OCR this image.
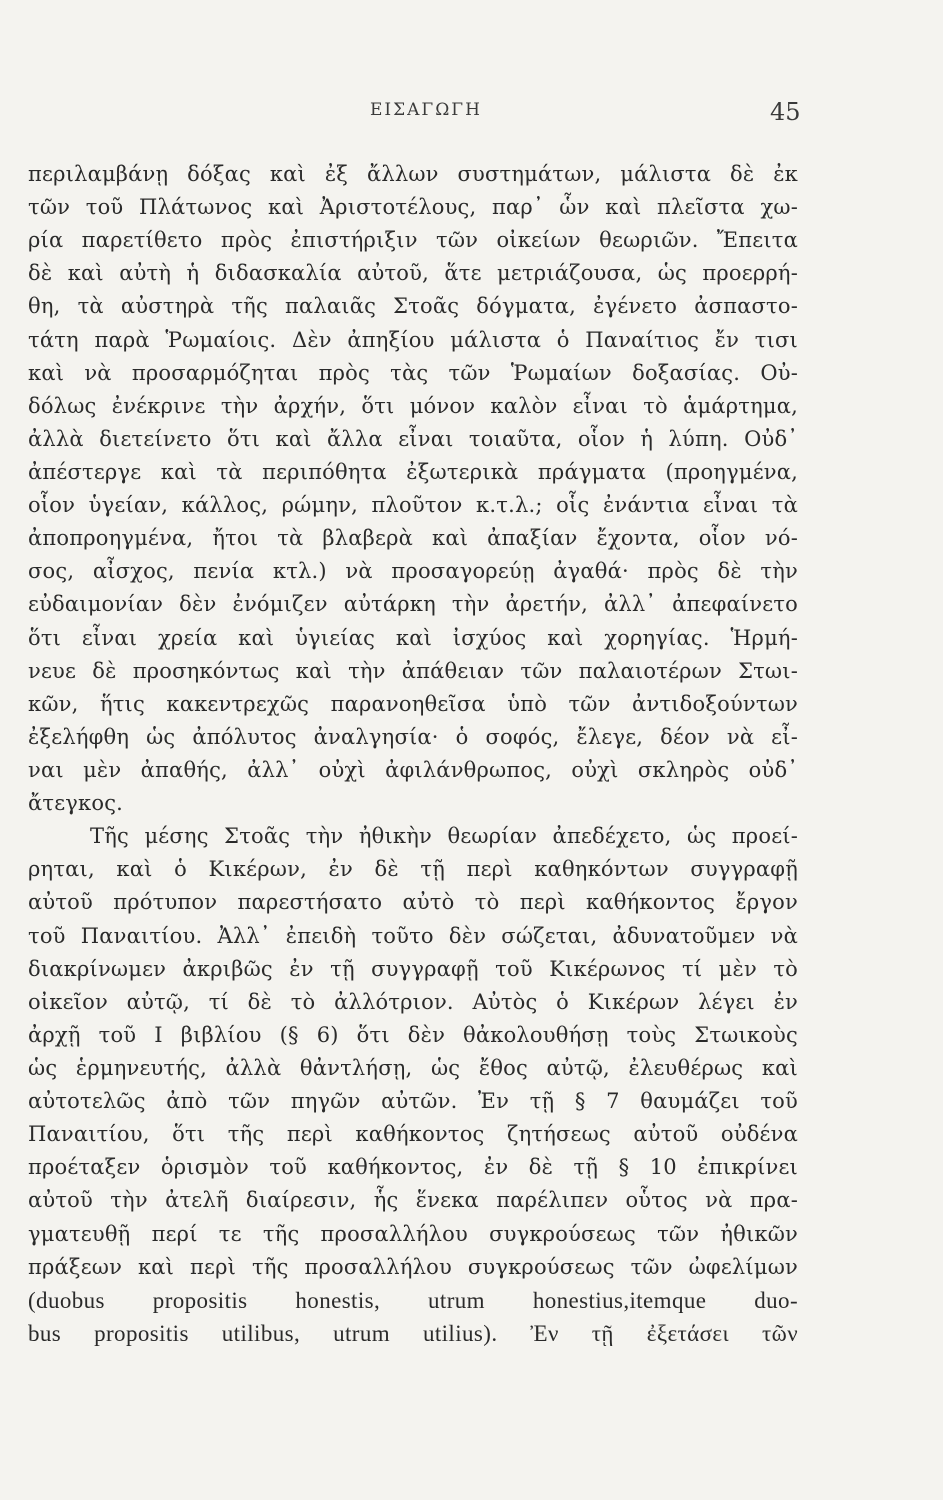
ΕΙΣΑΓΩΓΗ	45
περιλαμβάνῃ δόξας καὶ ἐξ ἄλλων συστημάτων, μάλιστα δὲ ἐκ
τῶν τοῦ Πλάτωνος καὶ Ἀριστοτέλους, παρ᾽ ὧν καὶ πλεῖστα χω-
ρία παρετίθετο πρὸς ἐπιστήριξιν τῶν οἰκείων θεωριῶν. Ἔπειτα
δὲ καὶ αὐτὴ ἡ διδασκαλία αὐτοῦ, ἅτε μετριάζουσα, ὡς προερρή-
θη, τὰ αὐστηρὰ τῆς παλαιᾶς Στοᾶς δόγματα, ἐγένετο ἀσπαστο-
τάτη παρὰ Ῥωμαίοις. Δὲν ἀπηξίου μάλιστα ὁ Παναίτιος ἔν τισι
καὶ νὰ προσαρμόζηται πρὸς τὰς τῶν Ῥωμαίων δοξασίας. Οὐ-
δόλως ἐνέκρινε τὴν ἀρχήν, ὅτι μόνον καλὸν εἶναι τὸ ἁμάρτημα,
ἀλλὰ διετείνετο ὅτι καὶ ἄλλα εἶναι τοιαῦτα, οἷον ἡ λύπη. Οὐδ᾽
ἀπέστεργε καὶ τὰ περιπόθητα ἐξωτερικὰ πράγματα (προηγμένα,
οἷον ὑγείαν, κάλλος, ρώμην, πλοῦτον κ.τ.λ.; οἷς ἐνάντια εἶναι τὰ
ἀποπροηγμένα, ἤτοι τὰ βλαβερὰ καὶ ἀπαξίαν ἔχοντα, οἷον νό-
σος, αἶσχος, πενία κτλ.) νὰ προσαγορεύῃ ἀγαθά· πρὸς δὲ τὴν
εὐδαιμονίαν δὲν ἐνόμιζεν αὐτάρκη τὴν ἀρετήν, ἀλλ᾽ ἀπεφαίνετο
ὅτι εἶναι χρεία καὶ ὑγιείας καὶ ἰσχύος καὶ χορηγίας. Ἡρμή-
νευε δὲ προσηκόντως καὶ τὴν ἀπάθειαν τῶν παλαιοτέρων Στωι-
κῶν, ἥτις κακεντρεχῶς παρανοηθεῖσα ὑπὸ τῶν ἀντιδοξούντων
ἐξελήφθη ὡς ἀπόλυτος ἀναλγησία· ὁ σοφός, ἔλεγε, δέον νὰ εἶ-
ναι μὲν ἀπαθής, ἀλλ᾽ οὐχὶ ἀφιλάνθρωπος, οὐχὶ σκληρὸς οὐδ᾽
ἄτεγκος.
Τῆς μέσης Στοᾶς τὴν ἠθικὴν θεωρίαν ἀπεδέχετο, ὡς προεί-
ρηται, καὶ ὁ Κικέρων, ἐν δὲ τῇ περὶ καθηκόντων συγγραφῇ
αὐτοῦ πρότυπον παρεστήσατο αὐτὸ τὸ περὶ καθήκοντος ἔργον
τοῦ Παναιτίου. Ἀλλ᾽ ἐπειδὴ τοῦτο δὲν σώζεται, ἀδυνατοῦμεν νὰ
διακρίνωμεν ἀκριβῶς ἐν τῇ συγγραφῇ τοῦ Κικέρωνος τί μὲν τὸ
οἰκεῖον αὐτῷ, τί δὲ τὸ ἀλλότριον. Αὐτὸς ὁ Κικέρων λέγει ἐν
ἀρχῇ τοῦ I βιβλίου (§ 6) ὅτι δὲν θἀκολουθήσῃ τοὺς Στωικοὺς
ὡς ἑρμηνευτής, ἀλλὰ θἀντλήσῃ, ὡς ἔθος αὐτῷ, ἐλευθέρως καὶ
αὐτοτελῶς ἀπὸ τῶν πηγῶν αὐτῶν. Ἐν τῇ § 7 θαυμάζει τοῦ
Παναιτίου, ὅτι τῆς περὶ καθήκοντος ζητήσεως αὐτοῦ οὐδένα
προέταξεν ὁρισμὸν τοῦ καθήκοντος, ἐν δὲ τῇ § 10 ἐπικρίνει
αὐτοῦ τὴν ἀτελῆ διαίρεσιν, ἧς ἕνεκα παρέλιπεν οὗτος νὰ πρα-
γματευθῇ περί τε τῆς προσαλλήλου συγκρούσεως τῶν ἠθικῶν
πράξεων καὶ περὶ τῆς προσαλλήλου συγκρούσεως τῶν ὠφελίμων
(duobus propositis honestis, utrum honestius,itemque duo-
bus propositis utilibus, utrum utilius). Ἐν τῇ ἐξετάσει τῶν
